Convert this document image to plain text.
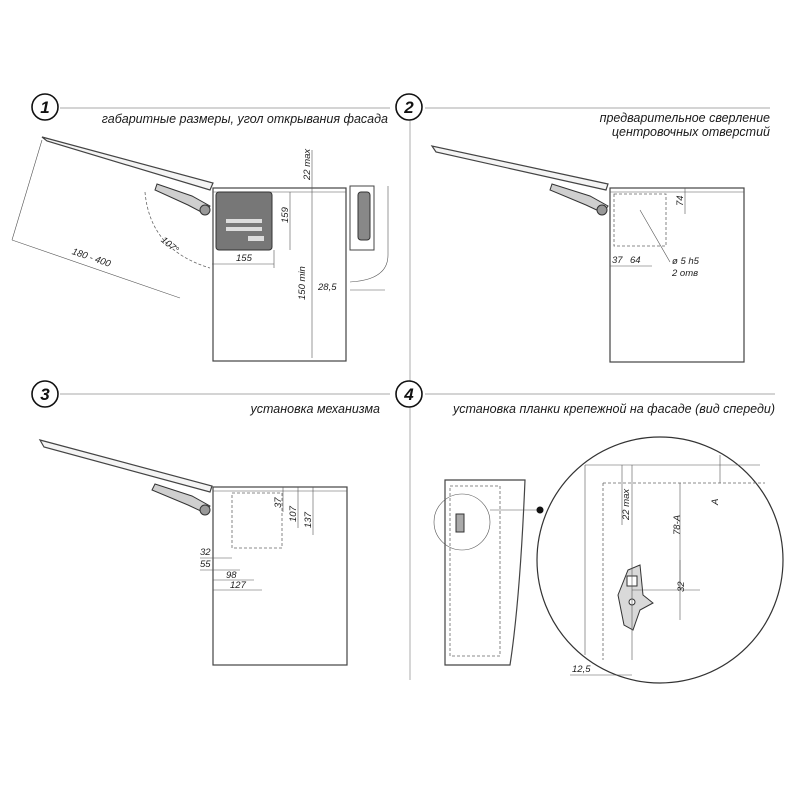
1
габаритные размеры, угол открывания фасада
107°
180 - 400	155
159
22 max
150 min 28,5
2
предварительное сверление
центровочных отверстий
74
37 64	ø 5 h5
2 отв
3
установка механизма
37
107 137
32
55
98
127
4
установка планки крепежной на фасаде (вид спереди)
78-A
32
A
22 max
12,5
